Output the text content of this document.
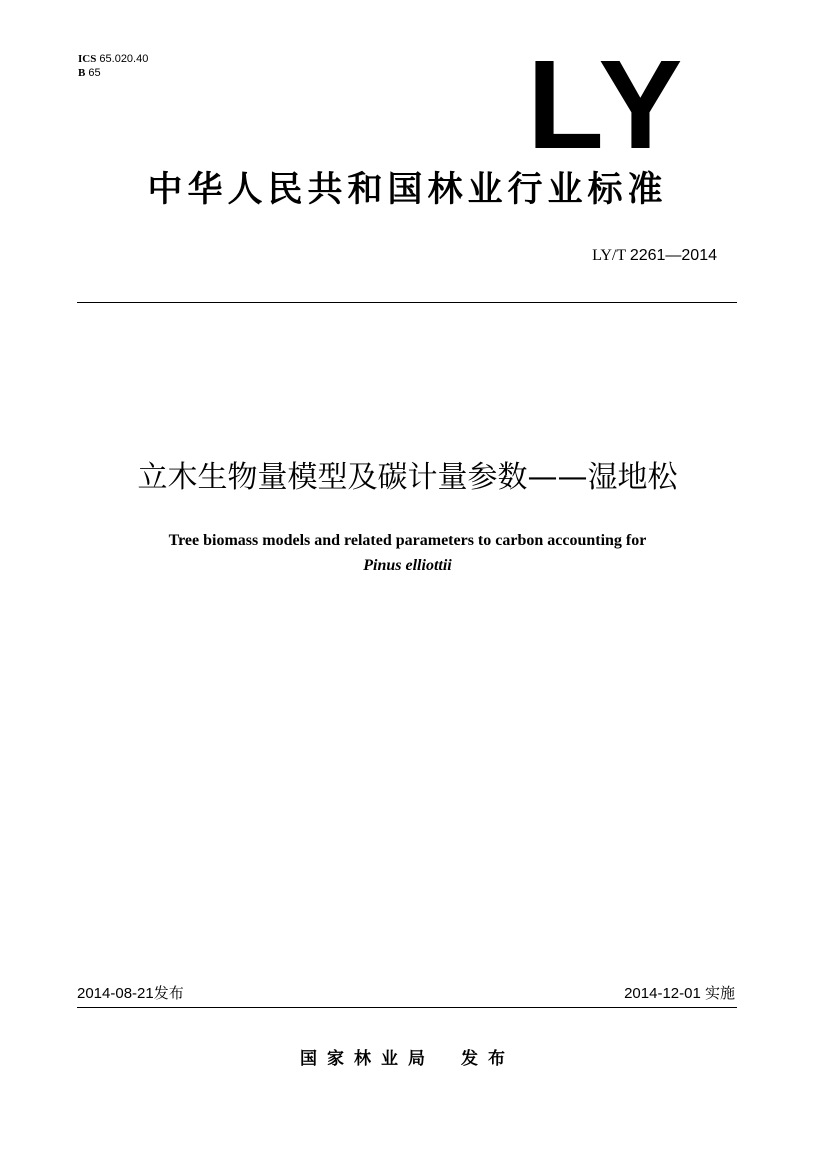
ICS 65.020.40
B 65	LY
中华人民共和国林业行业标准
LY/T 2261—2014
立木生物量模型及碳计量参数——湿地松
Tree biomass models and related parameters to carbon accounting for
Pinus elliottii
2014-08-21发布	2014-12-01 实施
国家林业局 发布
